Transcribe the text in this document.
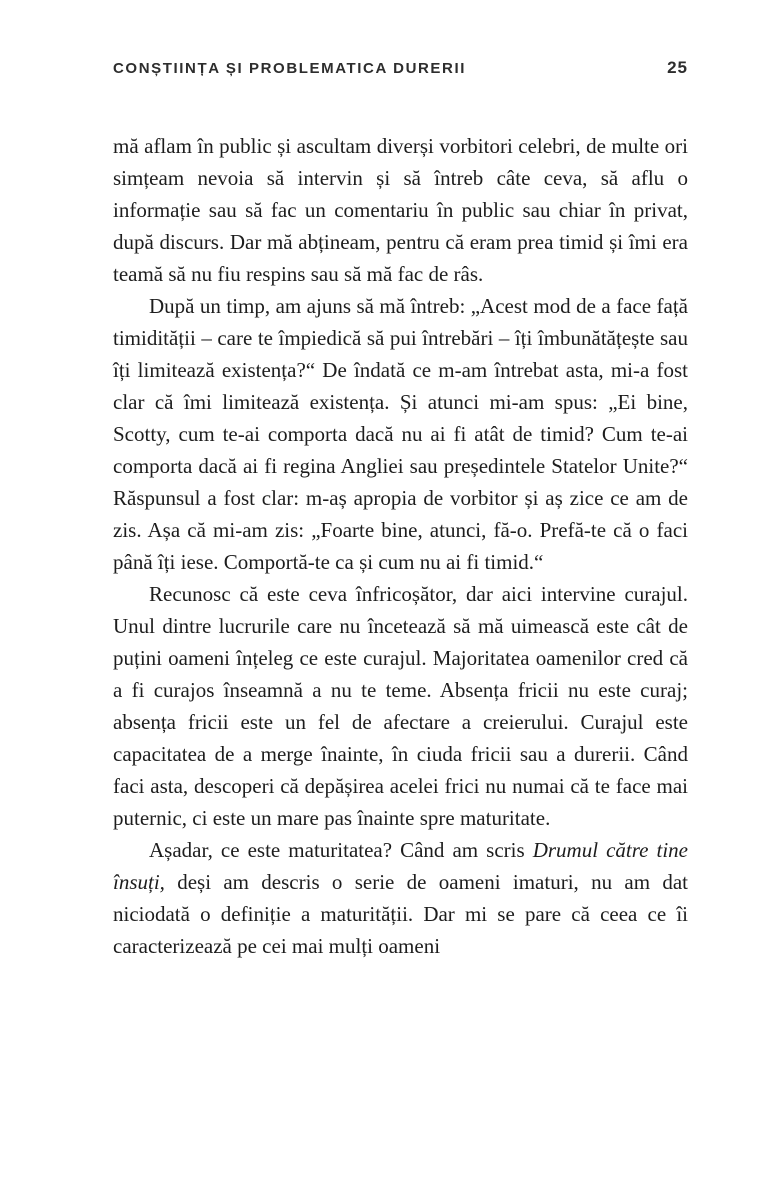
CONȘTIINȚA ȘI PROBLEMATICA DURERII	25

mă aflam în public și ascultam diverși vorbitori celebri, de multe ori simțeam nevoia să intervin și să întreb câte ceva, să aflu o informație sau să fac un comentariu în public sau chiar în privat, după discurs. Dar mă abțineam, pentru că eram prea timid și îmi era teamă să nu fiu respins sau să mă fac de râs.

După un timp, am ajuns să mă întreb: „Acest mod de a face față timidității – care te împiedică să pui întrebări – îți îmbunătățește sau îți limitează existența?“ De îndată ce m-am întrebat asta, mi-a fost clar că îmi limitează existența. Și atunci mi-am spus: „Ei bine, Scotty, cum te-ai comporta dacă nu ai fi atât de timid? Cum te-ai comporta dacă ai fi regina Angliei sau președintele Statelor Unite?“ Răspunsul a fost clar: m-aș apropia de vorbitor și aș zice ce am de zis. Așa că mi-am zis: „Foarte bine, atunci, fă-o. Prefă-te că o faci până îți iese. Comportă-te ca și cum nu ai fi timid.“

Recunosc că este ceva înfricoșător, dar aici intervine curajul. Unul dintre lucrurile care nu încetează să mă uimească este cât de puțini oameni înțeleg ce este curajul. Majoritatea oamenilor cred că a fi curajos înseamnă a nu te teme. Absența fricii nu este curaj; absența fricii este un fel de afectare a creierului. Curajul este capacitatea de a merge înainte, în ciuda fricii sau a durerii. Când faci asta, descoperi că depășirea acelei frici nu numai că te face mai puternic, ci este un mare pas înainte spre maturitate.

Așadar, ce este maturitatea? Când am scris Drumul către tine însuți, deși am descris o serie de oameni imaturi, nu am dat niciodată o definiție a maturității. Dar mi se pare că ceea ce îi caracterizează pe cei mai mulți oameni
